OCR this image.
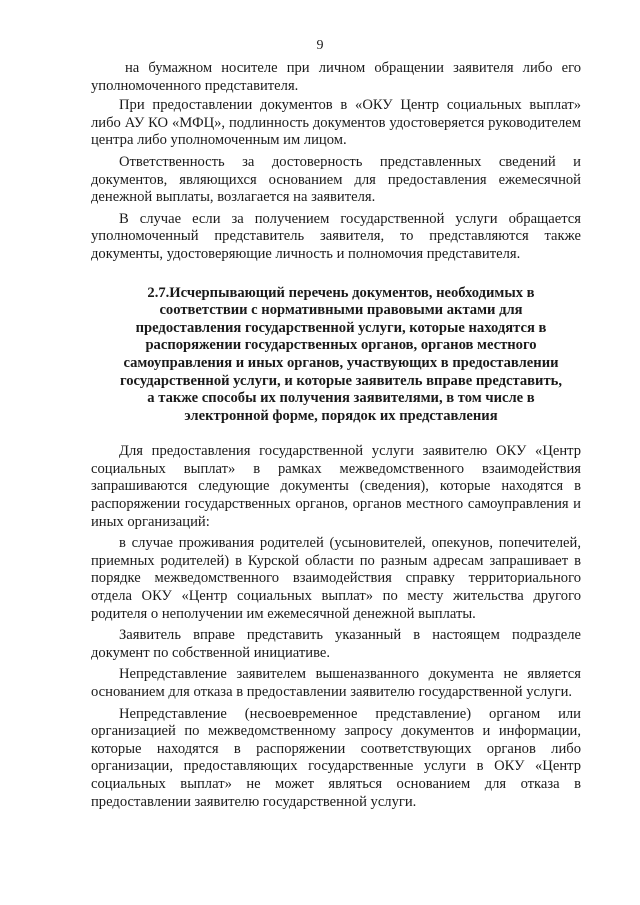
9

на бумажном носителе при личном обращении заявителя либо его уполномоченного представителя.

При предоставлении документов в «ОКУ Центр социальных выплат» либо АУ КО «МФЦ», подлинность документов удостоверяется руководителем центра либо уполномоченным им лицом.

Ответственность за достоверность представленных сведений и документов, являющихся основанием для предоставления ежемесячной денежной выплаты, возлагается на заявителя.

В случае если за получением государственной услуги обращается уполномоченный представитель заявителя, то представляются также документы, удостоверяющие личность и полномочия представителя.

2.7.Исчерпывающий перечень документов, необходимых в соответствии с нормативными правовыми актами для предоставления государственной услуги, которые находятся в распоряжении государственных органов, органов местного самоуправления и иных органов, участвующих в предоставлении государственной услуги, и которые заявитель вправе представить, а также способы их получения заявителями, в том числе в электронной форме, порядок их представления

Для предоставления государственной услуги заявителю ОКУ «Центр социальных выплат» в рамках межведомственного взаимодействия запрашиваются следующие документы (сведения), которые находятся в распоряжении государственных органов, органов местного самоуправления и иных организаций:

в случае проживания родителей (усыновителей, опекунов, попечителей, приемных родителей) в Курской области по разным адресам запрашивает в порядке межведомственного взаимодействия справку территориального отдела ОКУ «Центр социальных выплат» по месту жительства другого родителя о неполучении им ежемесячной денежной выплаты.

Заявитель вправе представить указанный в настоящем подразделе документ по собственной инициативе.

Непредставление заявителем вышеназванного документа не является основанием для отказа в предоставлении заявителю государственной услуги.

Непредставление (несвоевременное представление) органом или организацией по межведомственному запросу документов и информации, которые находятся в распоряжении соответствующих органов либо организации, предоставляющих государственные услуги в ОКУ «Центр социальных выплат» не может являться основанием для отказа в предоставлении заявителю государственной услуги.
